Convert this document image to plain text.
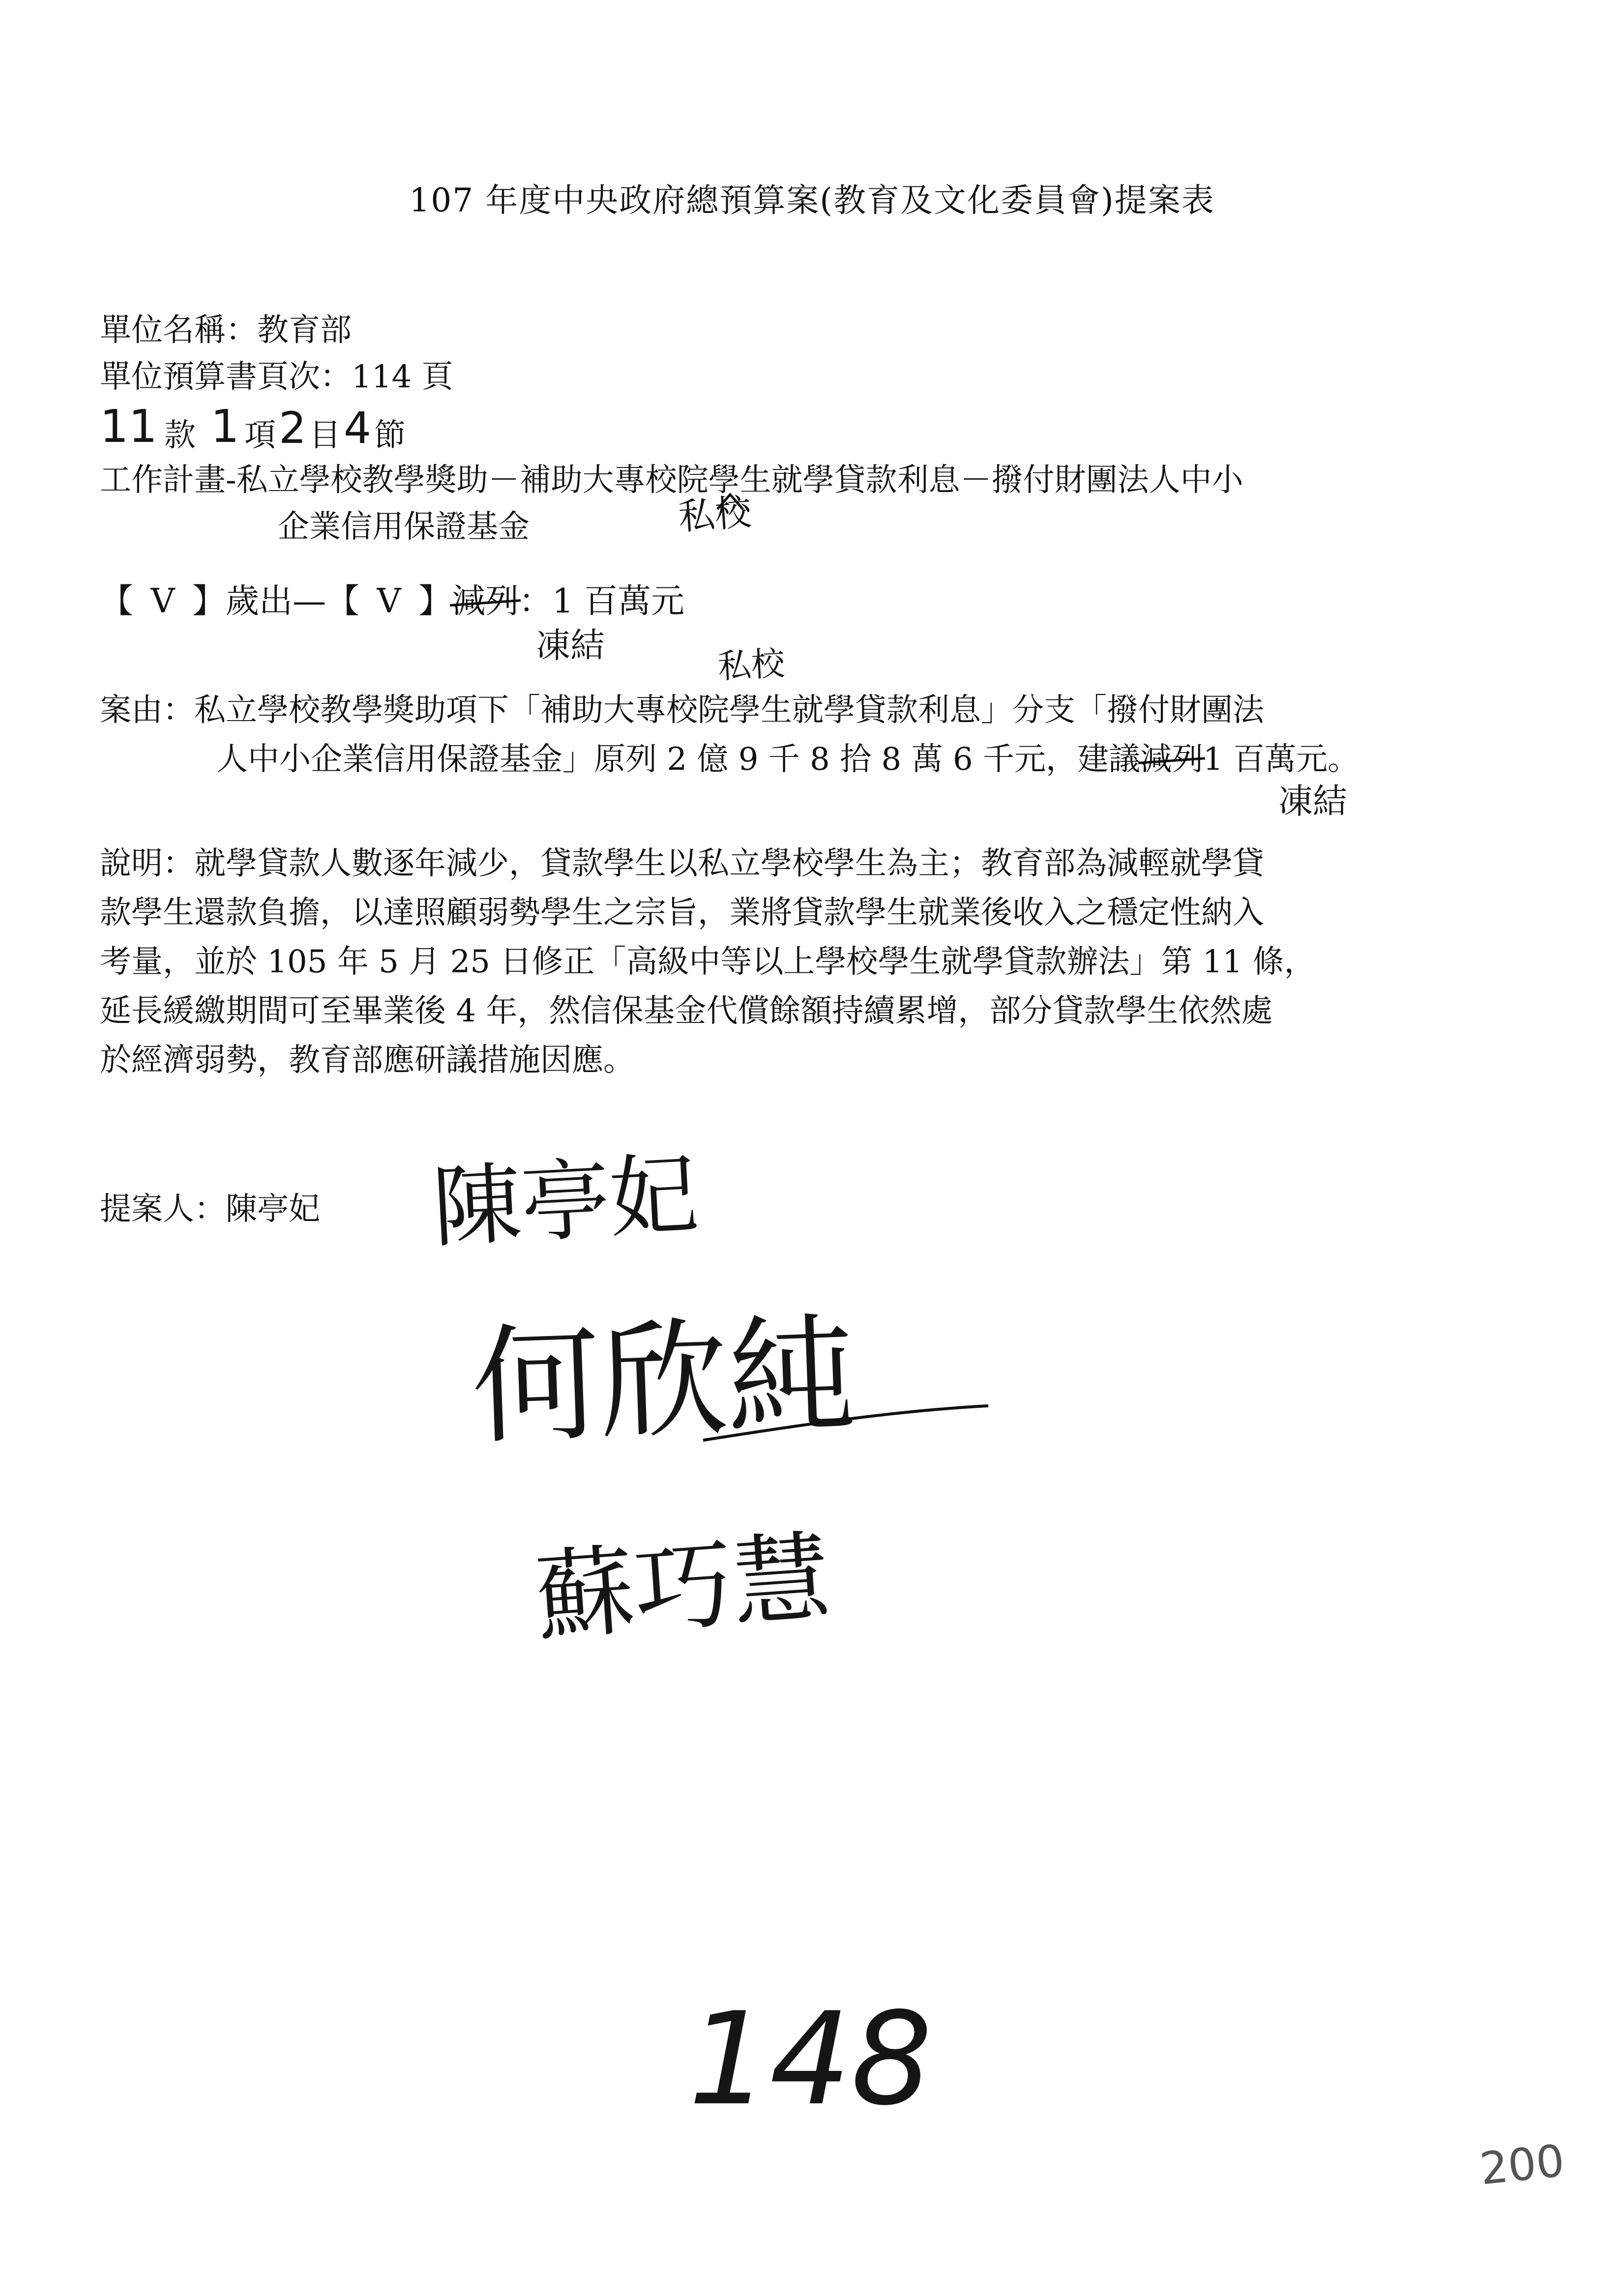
107 年度中央政府總預算案(教育及文化委員會)提案表
單位名稱：教育部
單位預算書頁次：114 頁
11 款 1 項2目4節
工作計畫-私立學校教學獎助－補助大專校院學生就學貸款利息－撥付財團法人中小
企業信用保證基金	私校
【 V 】歲出—【 V 】減列：1 百萬元
凍結	私校
案由：私立學校教學獎助項下「補助大專校院學生就學貸款利息」分支「撥付財團法
人中小企業信用保證基金」原列 2 億 9 千 8 拾 8 萬 6 千元，建議減列1 百萬元。
凍結
說明：就學貸款人數逐年減少，貸款學生以私立學校學生為主；教育部為減輕就學貸
款學生還款負擔，以達照顧弱勢學生之宗旨，業將貸款學生就業後收入之穩定性納入
考量，並於 105 年 5 月 25 日修正「高級中等以上學校學生就學貸款辦法」第 11 條，
延長緩繳期間可至畢業後 4 年，然信保基金代償餘額持續累增，部分貸款學生依然處
於經濟弱勢，教育部應研議措施因應。
提案人：陳亭妃 陳亭妃
何欣純
蘇巧慧
148
200
